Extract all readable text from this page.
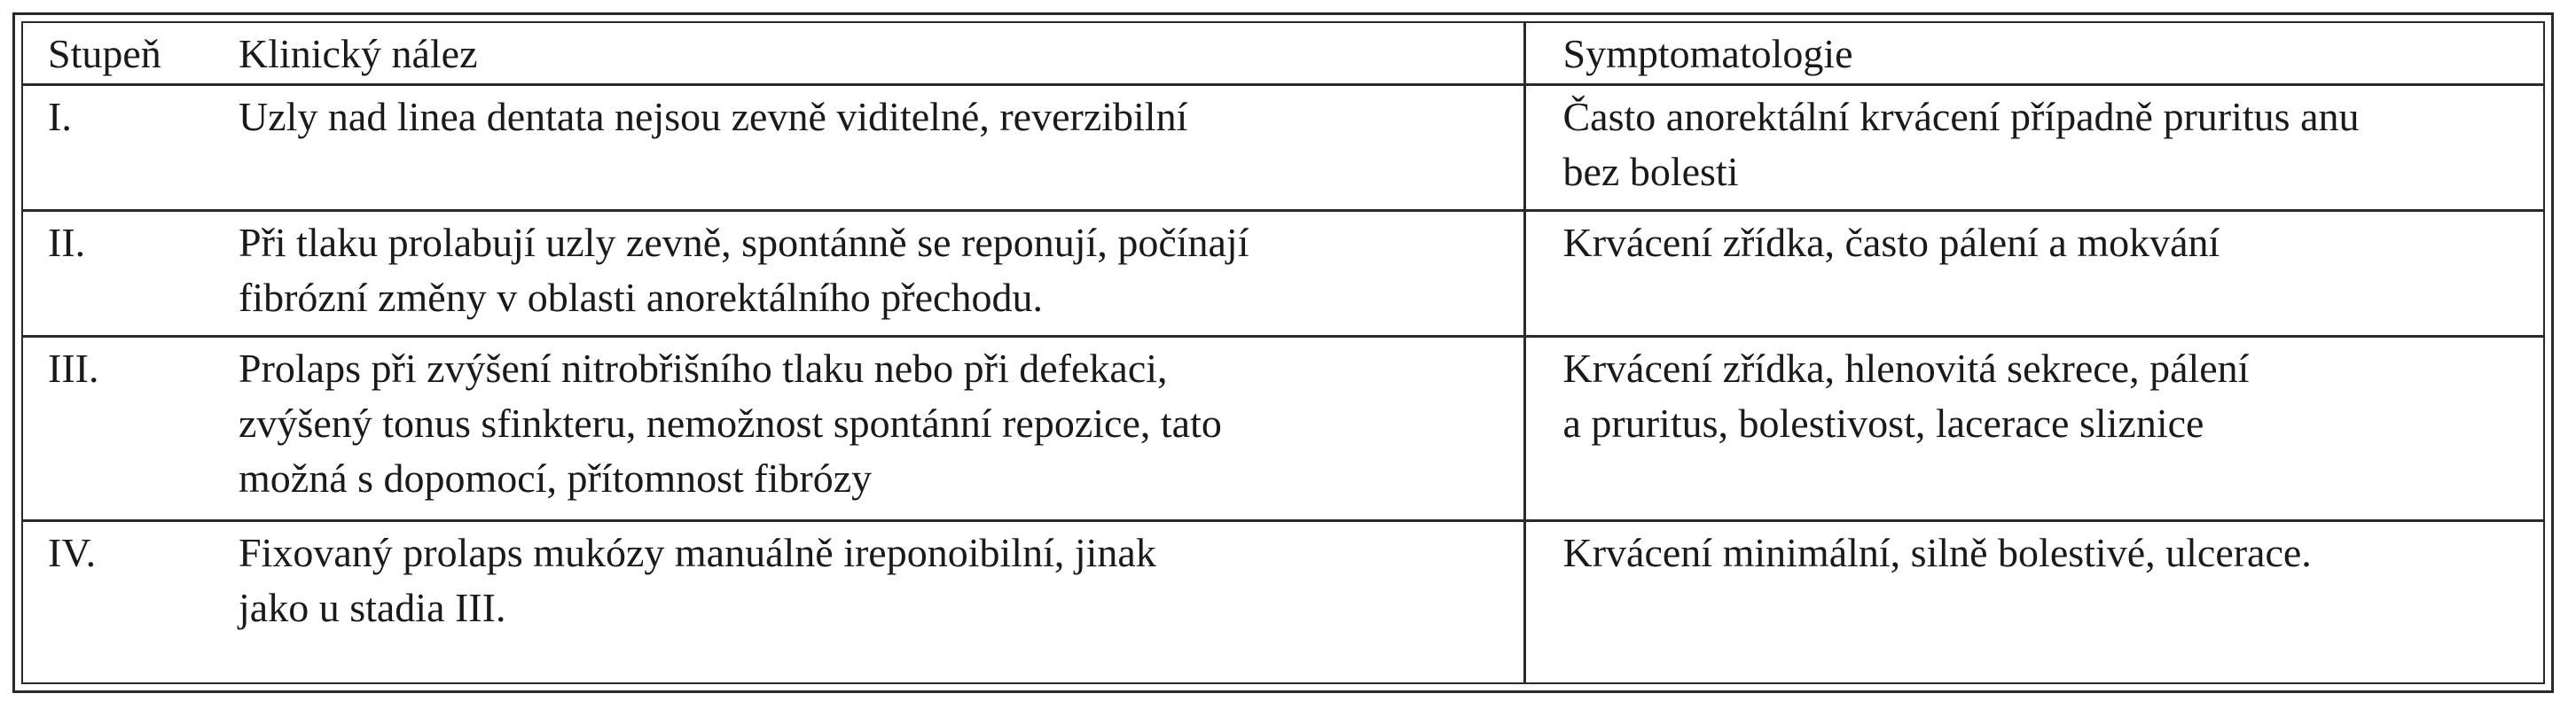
Stupeň	Klinický nález	Symptomatologie
I.	Uzly nad linea dentata nejsou zevně viditelné, reverzibilní	Často anorektální krvácení případně pruritus anu
bez bolesti
II.	Při tlaku prolabují uzly zevně, spontánně se reponují, počínají
fibrózní změny v oblasti anorektálního přechodu.	Krvácení zřídka, často pálení a mokvání
III.	Prolaps při zvýšení nitrobřišního tlaku nebo při defekaci,
zvýšený tonus sfinkteru, nemožnost spontánní repozice, tato
možná s dopomocí, přítomnost fibrózy	Krvácení zřídka, hlenovitá sekrece, pálení
a pruritus, bolestivost, lacerace sliznice
IV.	Fixovaný prolaps mukózy manuálně ireponoibilní, jinak
jako u stadia III.	Krvácení minimální, silně bolestivé, ulcerace.
